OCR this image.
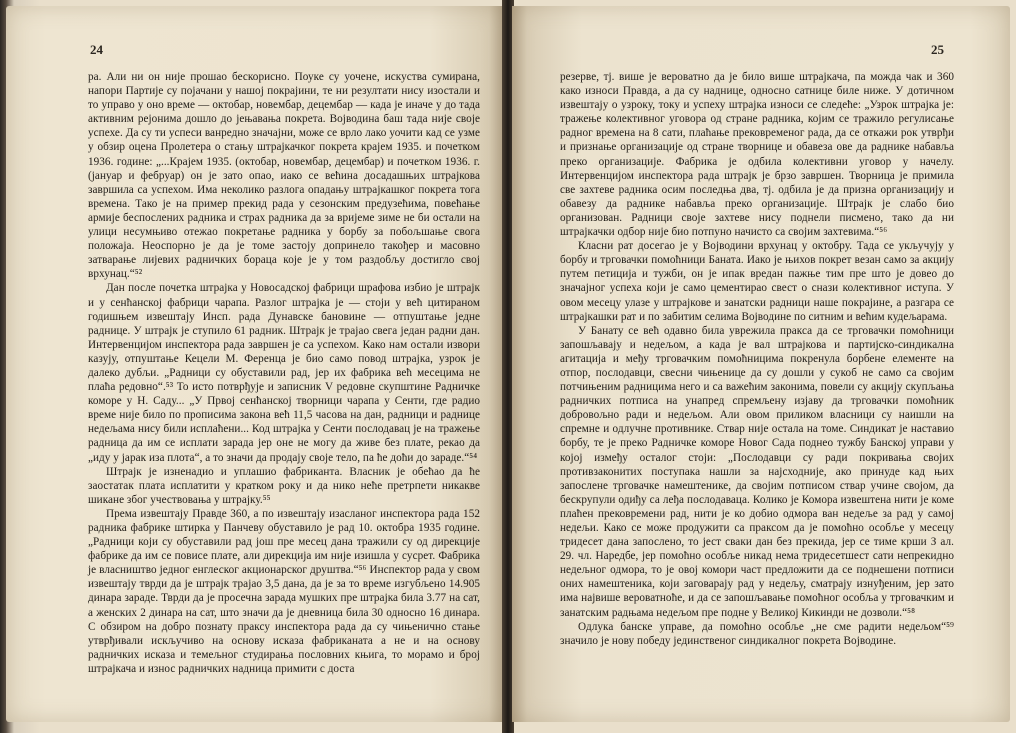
24

ра. Али ни он није прошао бескорисно. Поуке су уочене, искуства сумирана, напори Партије су појачани у нашој покрајини, те ни резултати нису изостали и то управо у оно време — октобар, новембар, децембар — када је иначе у до тада активним рејонима дошло до јењавања покрета. Војводина баш тада није своје успехе. Да су ти успеси ванредно значајни, може се врло лако уочити кад се узме у обзир оцена Пролетера о стању штрајкачког покрета крајем 1935. и почетком 1936. године: „...Крајем 1935. (октобар, новембар, децембар) и почетком 1936. г. (јануар и фебруар) он је зато опао, иако се већина досадашњих штрајкова завршила са успехом. Има неколико разлога опадању штрајкашког покрета тога времена. Тако је на пример прекид рада у сезонским предузећима, повећање армије беспослених радника и страх радника да за вријеме зиме не би остали на улици несумњиво отежао покретање радника у борбу за побољшање свога положаја. Неоспорно је да је томе застоју допринело такођер и масовно затварање лијевих радничких бораца које је у том раздобљу достигло свој врхунац.“⁵²

Дан после почетка штрајка у Новосадској фабрици шрафова избио је штрајк и у сенћанској фабрици чарапа. Разлог штрајка је — стоји у већ цитираном годишњем извештају Инсп. рада Дунавске бановине — отпуштање једне раднице. У штрајк је ступило 61 радник. Штрајк је трајао свега један радни дан. Интервенцијом инспектора рада завршен је са успехом. Како нам остали извори казују, отпуштање Кецели М. Ференца је био само повод штрајка, узрок је далеко дубљи. „Радници су обуставили рад, јер их фабрика већ месецима не плаћа редовно“.⁵³ То исто потврђује и записник V редовне скупштине Радничке коморе у Н. Саду... „У Првој сенћанској творници чарапа у Сенти, где радио време није било по прописима закона већ 11,5 часова на дан, радници и раднице недељама нису били исплаћени... Код штрајка у Сенти послодавац је на тражење радница да им се исплати зарада јер оне не могу да живе без плате, рекао да „иду у јарак иза плота“, а то значи да продају своје тело, па ће доћи до зараде.“⁵⁴

Штрајк је изненадио и уплашио фабриканта. Власник је обећао да ће заостатак плата исплатити у кратком року и да нико неће претрпети никакве шикане због учествовања у штрајку.⁵⁵

Према извештају Правде 360, а по извештају изасланог инспектора рада 152 радника фабрике штирка у Панчеву обуставило је рад 10. октобра 1935 године. „Радници који су обуставили рад још пре месец дана тражили су од дирекције фабрике да им се повисе плате, али дирекција им није изишла у сусрет. Фабрика је власништво једног енглеског акционарског друштва.“⁵⁶ Инспектор рада у свом извештају тврди да је штрајк трајао 3,5 дана, да је за то време изгубљено 14.905 динара зараде. Тврди да је просечна зарада мушких пре штрајка била 3.77 на сат, а женских 2 динара на сат, што значи да је дневница била 30 односно 16 динара. С обзиром на добро познату праксу инспектора рада да су чињенично стање утврђивали искључиво на основу исказа фабриканата а не и на основу радничких исказа и темељног студирања пословних књига, то морамо и број штрајкача и износ радничких надница примити с доста

25

резерве, тј. више је вероватно да је било више штрајкача, па можда чак и 360 како износи Правда, а да су наднице, односно сатнице биле ниже. У дотичном извештају о узроку, току и успеху штрајка износи се следеће: „Узрок штрајка је: тражење колективног уговора од стране радника, којим се тражило регулисање радног времена на 8 сати, плаћање прековременог рада, да се откажи рок утврђи и признање организације од стране творнице и обавеза ове да раднике набавља преко организације. Фабрика је одбила колективни уговор у начелу. Интервенцијом инспектора рада штрајк је брзо завршен. Творница је примила све захтеве радника осим последња два, тј. одбила је да призна организацију и обавезу да раднике набавља преко организације. Штрајк је слабо био организован. Радници своје захтеве нису поднели писмено, тако да ни штрајкачки одбор није био потпуно начисто са својим захтевима.“⁵⁶

Класни рат досегао је у Војводини врхунац у октобру. Тада се укључују у борбу и трговачки помоћници Баната. Иако је њихов покрет везан само за акцију путем петиција и тужби, он је ипак вредан пажње тим пре што је довео до значајног успеха који је само цементирао свест о снази колективног иступа. У овом месецу улазе у штрајкове и занатски радници наше покрајине, а разгара се штрајкашки рат и по забитим селима Војводине по ситним и већим кудељарама.

У Банату се већ одавно била уврежила пракса да се трговачки помоћници запошљавају и недељом, а када је вал штрајкова и партијско-синдикална агитација и међу трговачким помоћницима покренула борбене елементе на отпор, послодавци, свесни чињенице да су дошли у сукоб не само са својим потчињеним радницима него и са важећим законима, повели су акцију скупљања радничких потписа на унапред спремљену изјаву да трговачки помоћник добровољно ради и недељом. Али овом приликом власници су наишли на спремне и одлучне противнике. Ствар није остала на томе. Синдикат је наставио борбу, те је преко Радничке коморе Новог Сада поднео тужбу Банској управи у којој између осталог стоји: „Послодавци су ради покривања својих противзаконитих поступака нашли за најсходније, ако принуде кад њих запослене трговачке намештенике, да својим потписом ствар учине својом, да бескрупули одиђу са леђа послодаваца. Колико је Комора извештена нити је коме плаћен прековремени рад, нити је ко добио одмора ван недеље за рад у самој недељи. Како се може продужити са праксом да је помоћно особље у месецу тридесет дана запослено, то јест сваки дан без прекида, јер се тиме крши З ал. 29. чл. Наредбе, јер помоћно особље никад нема тридесетшест сати непрекидно недељног одмора, то је овој комори част предложити да се поднешени потписи оних намештеника, који заговарају рад у недељу, сматрају изнуђеним, јер зато има највише вероватноће, и да се запошљавање помоћног особља у трговачким и занатским радњама недељом пре подне у Великој Кикинди не дозволи.“⁵⁸

Одлука банске управе, да помоћно особље „не сме радити недељом“⁵⁹ значило је нову победу јединственог синдикалног покрета Војводине.
